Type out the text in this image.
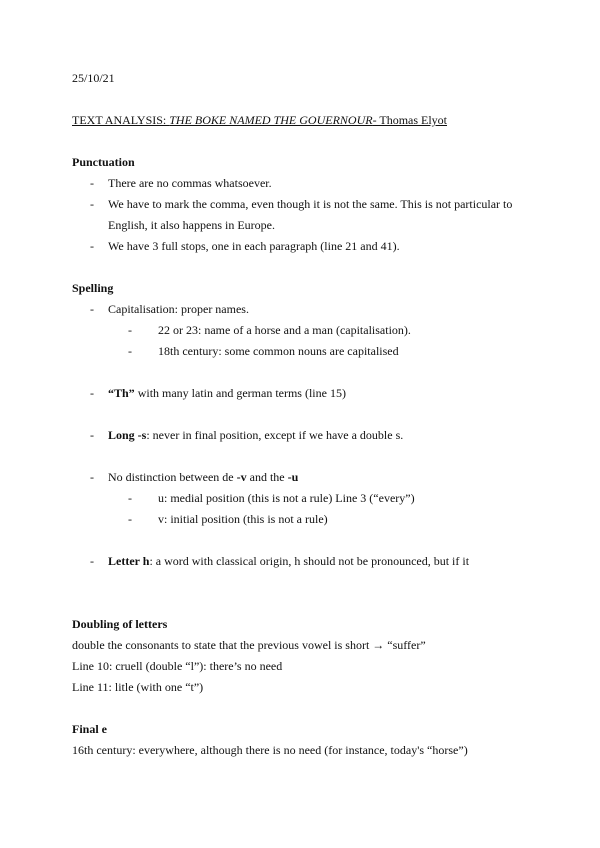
25/10/21
TEXT ANALYSIS: THE BOKE NAMED THE GOUERNOUR- Thomas Elyot
Punctuation
- There are no commas whatsoever.
- We have to mark the comma, even though it is not the same. This is not particular to English, it also happens in Europe.
- We have 3 full stops, one in each paragraph (line 21 and 41).
Spelling
- Capitalisation: proper names.
- 22 or 23: name of a horse and a man (capitalisation).
- 18th century: some common nouns are capitalised
- “Th” with many latin and german terms (line 15)
- Long -s: never in final position, except if we have a double s.
- No distinction between de -v and the -u
- u: medial position (this is not a rule) Line 3 (“every”)
- v: initial position (this is not a rule)
- Letter h: a word with classical origin, h should not be pronounced, but if it
Doubling of letters
double the consonants to state that the previous vowel is short → “suffer”
Line 10: cruell (double “l”): there’s no need
Line 11: litle (with one “t”)
Final e
16th century: everywhere, although there is no need (for instance, today's “horse”)
